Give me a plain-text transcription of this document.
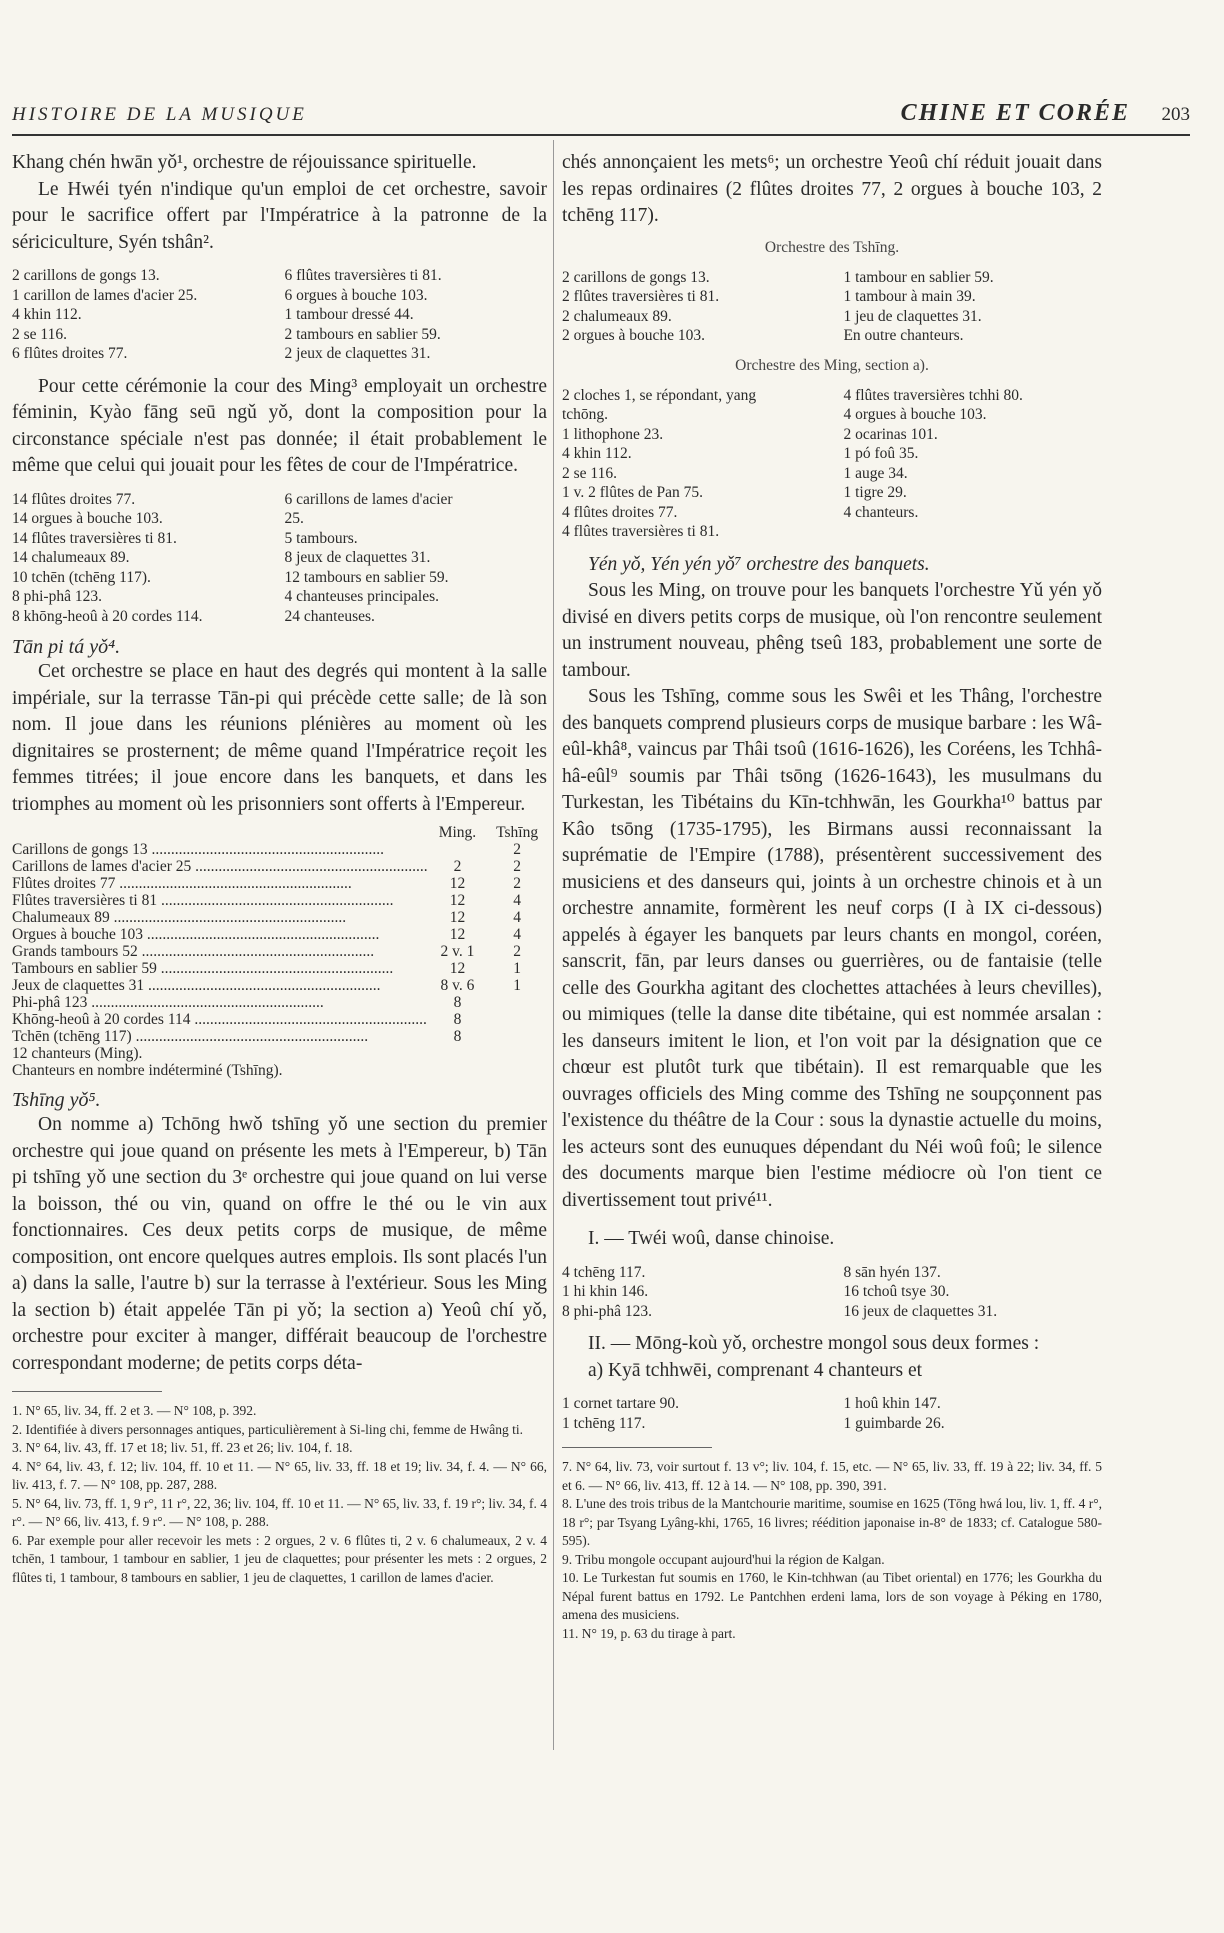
HISTOIRE DE LA MUSIQUE	CHINE ET CORÉE 203

Khang chén hwān yǒ¹, orchestre de réjouissance spirituelle.

Le Hwéi tyén n'indique qu'un emploi de cet orchestre, savoir pour le sacrifice offert par l'Impératrice à la patronne de la sériciculture, Syén tshân².

2 carillons de gongs 13.	6 flûtes traversières ti 81.
1 carillon de lames d'acier 25.	6 orgues à bouche 103.
4 khin 112.	1 tambour dressé 44.
2 se 116.	2 tambours en sablier 59.
6 flûtes droites 77.	2 jeux de claquettes 31.

Pour cette cérémonie la cour des Ming³ employait un orchestre féminin, Kyào fāng seū ngǔ yǒ, dont la composition pour la circonstance spéciale n'est pas donnée; il était probablement le même que celui qui jouait pour les fêtes de cour de l'Impératrice.

14 flûtes droites 77.	6 carillons de lames d'acier
14 orgues à bouche 103.	25.
14 flûtes traversières ti 81.	5 tambours.
14 chalumeaux 89.	8 jeux de claquettes 31.
10 tchēn (tchēng 117).	12 tambours en sablier 59.
8 phi-phâ 123.	4 chanteuses principales.
8 khōng-heoû à 20 cordes 114.	24 chanteuses.
Tān pi tá yǒ⁴.

Cet orchestre se place en haut des degrés qui montent à la salle impériale, sur la terrasse Tān-pi qui précède cette salle; de là son nom. Il joue dans les réunions plénières au moment où les dignitaires se prosternent; de même quand l'Impératrice reçoit les femmes titrées; il joue encore dans les banquets, et dans les triomphes au moment où les prisonniers sont offerts à l'Empereur.

	Ming.	Tshīng
Carillons de gongs 13 ............................................................		2
Carillons de lames d'acier 25 ............................................................	2	2
Flûtes droites 77 ............................................................	12	2
Flûtes traversières ti 81 ............................................................	12	4
Chalumeaux 89 ............................................................	12	4
Orgues à bouche 103 ............................................................	12	4
Grands tambours 52 ............................................................	2 v. 1	2
Tambours en sablier 59 ............................................................	12	1
Jeux de claquettes 31 ............................................................	8 v. 6	1
Phi-phâ 123 ............................................................	8	
Khōng-heoû à 20 cordes 114 ............................................................	8	
Tchēn (tchēng 117) ............................................................	8	
12 chanteurs (Ming).		
Chanteurs en nombre indéterminé (Tshīng).		
Tshīng yǒ⁵.

On nomme a) Tchōng hwǒ tshīng yǒ une section du premier orchestre qui joue quand on présente les mets à l'Empereur, b) Tān pi tshīng yǒ une section du 3ᵉ orchestre qui joue quand on lui verse la boisson, thé ou vin, quand on offre le thé ou le vin aux fonctionnaires. Ces deux petits corps de musique, de même composition, ont encore quelques autres emplois. Ils sont placés l'un a) dans la salle, l'autre b) sur la terrasse à l'extérieur. Sous les Ming la section b) était appelée Tān pi yǒ; la section a) Yeoû chí yǒ, orchestre pour exciter à manger, différait beaucoup de l'orchestre correspondant moderne; de petits corps déta-

1. N° 65, liv. 34, ff. 2 et 3. — N° 108, p. 392.
2. Identifiée à divers personnages antiques, particulièrement à Si-ling chi, femme de Hwâng ti.
3. N° 64, liv. 43, ff. 17 et 18; liv. 51, ff. 23 et 26; liv. 104, f. 18.
4. N° 64, liv. 43, f. 12; liv. 104, ff. 10 et 11. — N° 65, liv. 33, ff. 18 et 19; liv. 34, f. 4. — N° 66, liv. 413, f. 7. — N° 108, pp. 287, 288.
5. N° 64, liv. 73, ff. 1, 9 r°, 11 r°, 22, 36; liv. 104, ff. 10 et 11. — N° 65, liv. 33, f. 19 r°; liv. 34, f. 4 r°. — N° 66, liv. 413, f. 9 r°. — N° 108, p. 288.
6. Par exemple pour aller recevoir les mets : 2 orgues, 2 v. 6 flûtes ti, 2 v. 6 chalumeaux, 2 v. 4 tchēn, 1 tambour, 1 tambour en sablier, 1 jeu de claquettes; pour présenter les mets : 2 orgues, 2 flûtes ti, 1 tambour, 8 tambours en sablier, 1 jeu de claquettes, 1 carillon de lames d'acier.

chés annonçaient les mets⁶; un orchestre Yeoû chí réduit jouait dans les repas ordinaires (2 flûtes droites 77, 2 orgues à bouche 103, 2 tchēng 117).

Orchestre des Tshīng.
2 carillons de gongs 13.	1 tambour en sablier 59.
2 flûtes traversières ti 81.	1 tambour à main 39.
2 chalumeaux 89.	1 jeu de claquettes 31.
2 orgues à bouche 103.	En outre chanteurs.
Orchestre des Ming, section a).
2 cloches 1, se répondant, yang	4 flûtes traversières tchhi 80.
tchōng.	4 orgues à bouche 103.
1 lithophone 23.	2 ocarinas 101.
4 khin 112.	1 pó foû 35.
2 se 116.	1 auge 34.
1 v. 2 flûtes de Pan 75.	1 tigre 29.
4 flûtes droites 77.	4 chanteurs.
4 flûtes traversières ti 81.

Yén yǒ, Yén yén yǒ⁷ orchestre des banquets.

Sous les Ming, on trouve pour les banquets l'orchestre Yǔ yén yǒ divisé en divers petits corps de musique, où l'on rencontre seulement un instrument nouveau, phêng tseû 183, probablement une sorte de tambour.

Sous les Tshīng, comme sous les Swêi et les Thâng, l'orchestre des banquets comprend plusieurs corps de musique barbare : les Wâ-eûl-khâ⁸, vaincus par Thâi tsoû (1616-1626), les Coréens, les Tchhâ-hâ-eûl⁹ soumis par Thâi tsōng (1626-1643), les musulmans du Turkestan, les Tibétains du Kīn-tchhwān, les Gourkha¹⁰ battus par Kâo tsōng (1735-1795), les Birmans aussi reconnaissant la suprématie de l'Empire (1788), présentèrent successivement des musiciens et des danseurs qui, joints à un orchestre chinois et à un orchestre annamite, formèrent les neuf corps (I à IX ci-dessous) appelés à égayer les banquets par leurs chants en mongol, coréen, sanscrit, fān, par leurs danses ou guerrières, ou de fantaisie (telle celle des Gourkha agitant des clochettes attachées à leurs chevilles), ou mimiques (telle la danse dite tibétaine, qui est nommée arsalan : les danseurs imitent le lion, et l'on voit par la désignation que ce chœur est plutôt turk que tibétain). Il est remarquable que les ouvrages officiels des Ming comme des Tshīng ne soupçonnent pas l'existence du théâtre de la Cour : sous la dynastie actuelle du moins, les acteurs sont des eunuques dépendant du Néi woû foû; le silence des documents marque bien l'estime médiocre où l'on tient ce divertissement tout privé¹¹.

I. — Twéi woû, danse chinoise.

4 tchēng 117.	8 sān hyén 137.
1 hi khin 146.	16 tchoû tsye 30.
8 phi-phâ 123.	16 jeux de claquettes 31.

II. — Mōng-koù yǒ, orchestre mongol sous deux formes :

a) Kyā tchhwēi, comprenant 4 chanteurs et

1 cornet tartare 90.	1 hoû khin 147.
1 tchēng 117.	1 guimbarde 26.
7. N° 64, liv. 73, voir surtout f. 13 v°; liv. 104, f. 15, etc. — N° 65, liv. 33, ff. 19 à 22; liv. 34, ff. 5 et 6. — N° 66, liv. 413, ff. 12 à 14. — N° 108, pp. 390, 391.
8. L'une des trois tribus de la Mantchourie maritime, soumise en 1625 (Tōng hwá lou, liv. 1, ff. 4 r°, 18 r°; par Tsyang Lyâng-khi, 1765, 16 livres; réédition japonaise in-8° de 1833; cf. Catalogue 580-595).
9. Tribu mongole occupant aujourd'hui la région de Kalgan.
10. Le Turkestan fut soumis en 1760, le Kin-tchhwan (au Tibet oriental) en 1776; les Gourkha du Népal furent battus en 1792. Le Pantchhen erdeni lama, lors de son voyage à Péking en 1780, amena des musiciens.
11. N° 19, p. 63 du tirage à part.
